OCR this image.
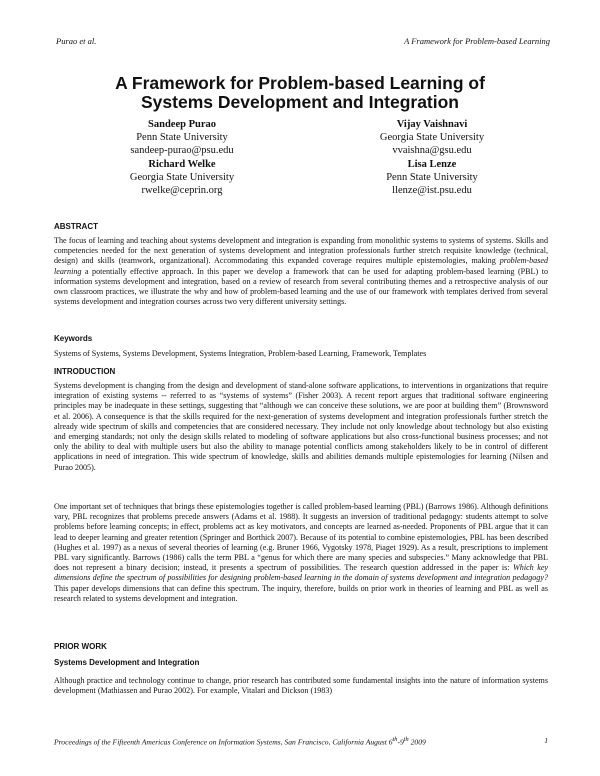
Purao et al.	A Framework for Problem-based Learning
A Framework for Problem-based Learning of
Systems Development and Integration
Sandeep Purao
Penn State University
sandeep-purao@psu.edu
Vijay Vaishnavi
Georgia State University
vvaishna@gsu.edu
Richard Welke
Georgia State University
rwelke@ceprin.org
Lisa Lenze
Penn State University
llenze@ist.psu.edu
ABSTRACT
The focus of learning and teaching about systems development and integration is expanding from monolithic systems to systems of systems. Skills and competencies needed for the next generation of systems development and integration professionals further stretch requisite knowledge (technical, design) and skills (teamwork, organizational). Accommodating this expanded coverage requires multiple epistemologies, making problem-based learning a potentially effective approach. In this paper we develop a framework that can be used for adapting problem-based learning (PBL) to information systems development and integration, based on a review of research from several contributing themes and a retrospective analysis of our own classroom practices, we illustrate the why and how of problem-based learning and the use of our framework with templates derived from several systems development and integration courses across two very different university settings.
Keywords
Systems of Systems, Systems Development, Systems Integration, Problem-based Learning, Framework, Templates
INTRODUCTION
Systems development is changing from the design and development of stand-alone software applications, to interventions in organizations that require integration of existing systems -- referred to as “systems of systems” (Fisher 2003). A recent report argues that traditional software engineering principles may be inadequate in these settings, suggesting that “although we can conceive these solutions, we are poor at building them” (Brownsword et al. 2006). A consequence is that the skills required for the next-generation of systems development and integration professionals further stretch the already wide spectrum of skills and competencies that are considered necessary. They include not only knowledge about technology but also existing and emerging standards; not only the design skills related to modeling of software applications but also cross-functional business processes; and not only the ability to deal with multiple users but also the ability to manage potential conflicts among stakeholders likely to be in control of different applications in need of integration. This wide spectrum of knowledge, skills and abilities demands multiple epistemologies for learning (Nilsen and Purao 2005).
One important set of techniques that brings these epistemologies together is called problem-based learning (PBL) (Barrows 1986). Although definitions vary, PBL recognizes that problems precede answers (Adams et al. 1988). It suggests an inversion of traditional pedagogy: students attempt to solve problems before learning concepts; in effect, problems act as key motivators, and concepts are learned as-needed. Proponents of PBL argue that it can lead to deeper learning and greater retention (Springer and Borthick 2007). Because of its potential to combine epistemologies, PBL has been described (Hughes et al. 1997) as a nexus of several theories of learning (e.g. Bruner 1966, Vygotsky 1978, Piaget 1929). As a result, prescriptions to implement PBL vary significantly. Barrows (1986) calls the term PBL a “genus for which there are many species and subspecies.” Many acknowledge that PBL does not represent a binary decision; instead, it presents a spectrum of possibilities. The research question addressed in the paper is: Which key dimensions define the spectrum of possibilities for designing problem-based learning in the domain of systems development and integration pedagogy? This paper develops dimensions that can define this spectrum. The inquiry, therefore, builds on prior work in theories of learning and PBL as well as research related to systems development and integration.
PRIOR WORK
Systems Development and Integration
Although practice and technology continue to change, prior research has contributed some fundamental insights into the nature of information systems development (Mathiassen and Purao 2002). For example, Vitalari and Dickson (1983)
Proceedings of the Fifteenth Americas Conference on Information Systems, San Francisco, California August 6th-9th 2009	1
